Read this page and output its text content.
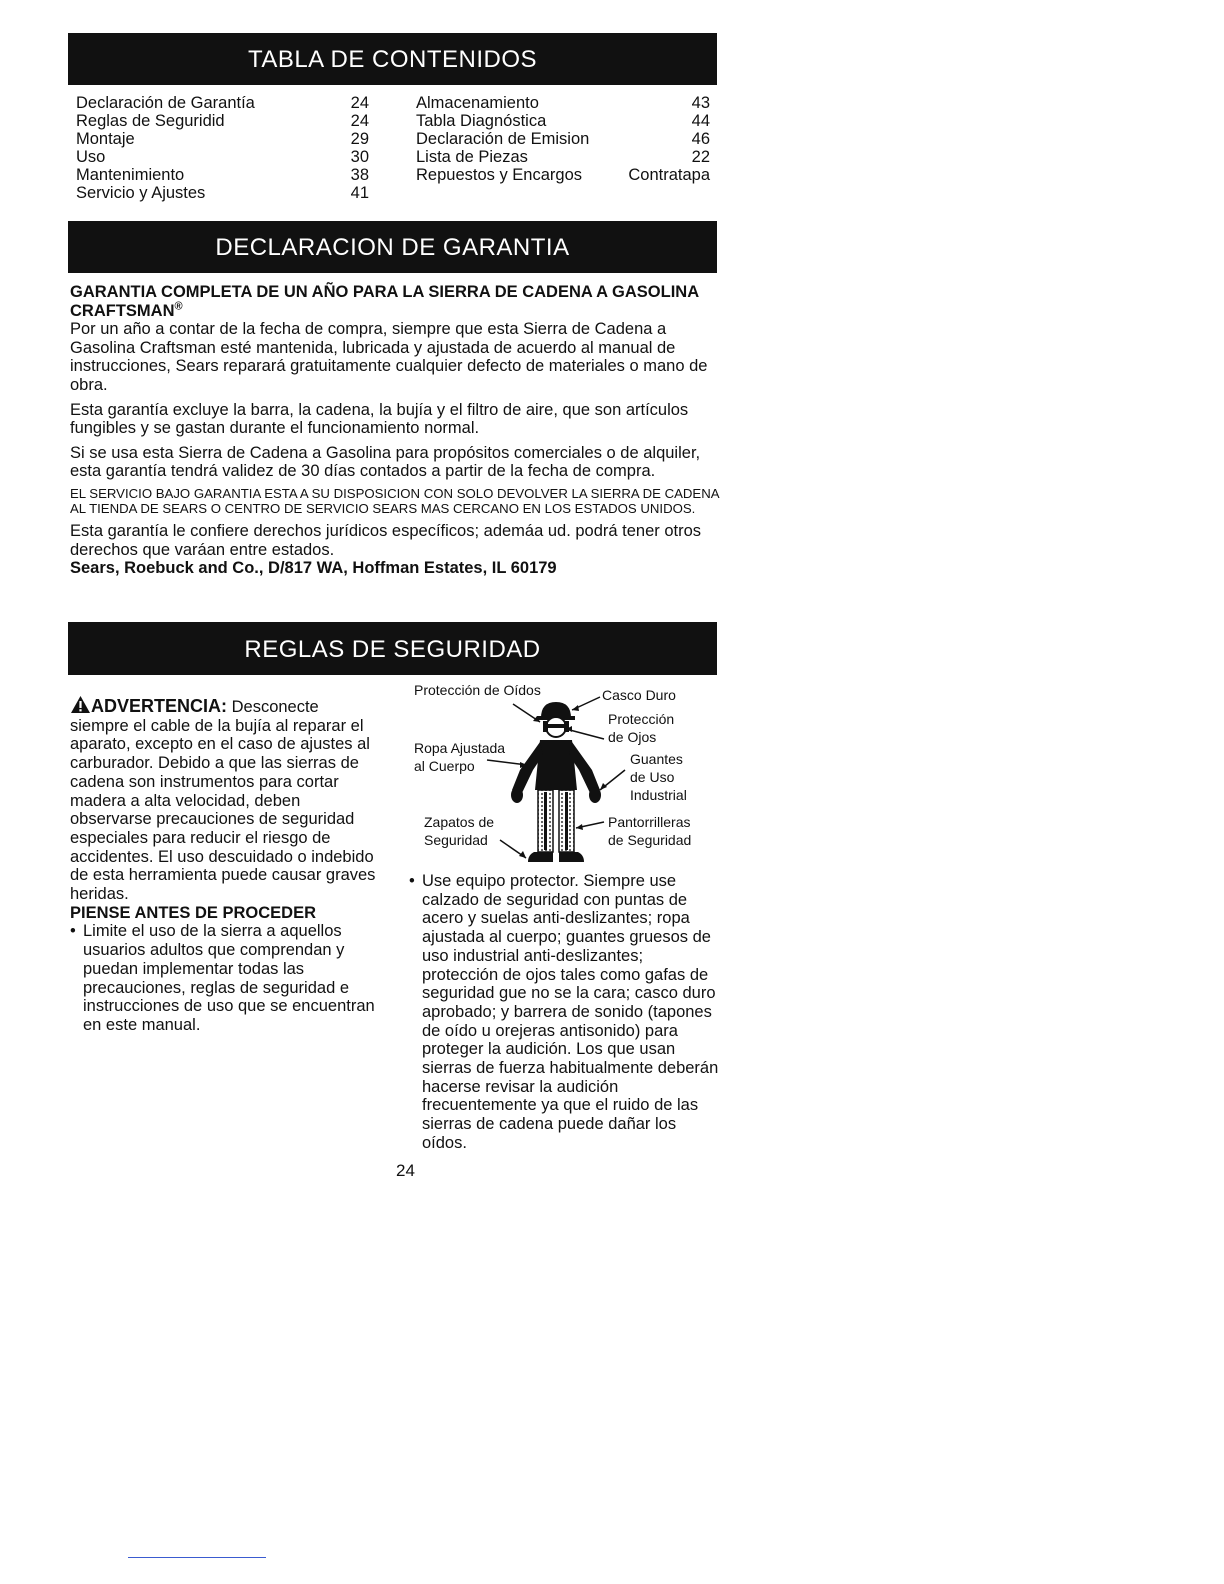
TABLA DE CONTENIDOS
Declaración de Garantía	24
Reglas de Seguridid	24
Montaje	29
Uso	30
Mantenimiento	38
Servicio y Ajustes	41
Almacenamiento	43
Tabla Diagnóstica	44
Declaración de Emision	46
Lista de Piezas	22
Repuestos y Encargos	Contratapa
DECLARACION DE GARANTIA

GARANTIA COMPLETA DE UN AÑO PARA LA SIERRA DE CADENA A GASOLINA CRAFTSMAN®

Por un año a contar de la fecha de compra, siempre que esta Sierra de Cadena a Gasolina Craftsman esté mantenida, lubricada y ajustada de acuerdo al manual de instrucciones, Sears reparará gratuitamente cualquier defecto de materiales o mano de obra.

Esta garantía excluye la barra, la cadena, la bujía y el filtro de aire, que son artículos fungibles y se gastan durante el funcionamiento normal.

Si se usa esta Sierra de Cadena a Gasolina para propósitos comerciales o de alquiler, esta garantía tendrá validez de 30 días contados a partir de la fecha de compra.

EL SERVICIO BAJO GARANTIA ESTA A SU DISPOSICION CON SOLO DEVOLVER LA SIERRA DE CADENA AL TIENDA DE SEARS O CENTRO DE SERVICIO SEARS MAS CERCANO EN LOS ESTADOS UNIDOS.

Esta garantía le confiere derechos jurídicos específicos; ademáa ud. podrá tener otros derechos que varáan entre estados.

Sears, Roebuck and Co., D/817 WA, Hoffman Estates, IL 60179

REGLAS DE SEGURIDAD

ADVERTENCIA: Desconecte siempre el cable de la bujía al reparar el aparato, excepto en el caso de ajustes al carburador. Debido a que las sierras de cadena son instrumentos para cortar madera a alta velocidad, deben observarse precauciones de seguridad especiales para reducir el riesgo de accidentes. El uso descuidado o indebido de esta herramienta puede causar graves heridas.

PIENSE ANTES DE PROCEDER

• Limite el uso de la sierra a aquellos usuarios adultos que comprendan y puedan implementar todas las precauciones, reglas de seguridad e instrucciones de uso que se encuentran en este manual.

Protección de Oídos	Casco Duro
Protección
de Ojos
Ropa Ajustada
al Cuerpo	Guantes
de Uso
Industrial
Zapatos de
Seguridad
Pantorrilleras
de Seguridad

• Use equipo protector. Siempre use calzado de seguridad con puntas de acero y suelas anti-deslizantes; ropa ajustada al cuerpo; guantes gruesos de uso industrial anti-deslizantes; protección de ojos tales como gafas de seguridad gue no se la cara; casco duro aprobado; y barrera de sonido (tapones de oído u orejeras antisonido) para proteger la audición. Los que usan sierras de fuerza habitualmente deberán hacerse revisar la audición frecuentemente ya que el ruido de las sierras de cadena puede dañar los oídos.

24
